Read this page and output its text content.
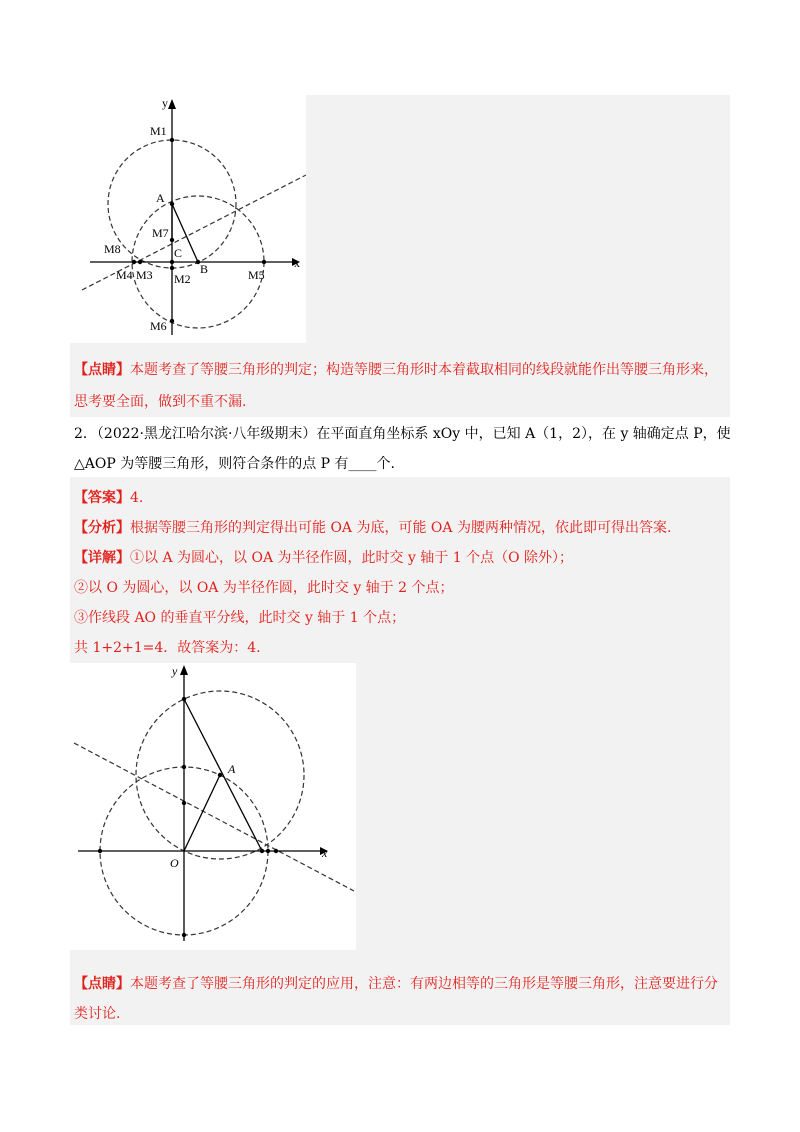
y
x
M1
A
M7
C
B
M8
M4 M3 M2	M5
M6
【点睛】本题考查了等腰三角形的判定；构造等腰三角形时本着截取相同的线段就能作出等腰三角形来，
思考要全面，做到不重不漏.
2．（2022·黑龙江哈尔滨·八年级期末）在平面直角坐标系 xOy 中，已知 A（1，2），在 y 轴确定点 P，使
△AOP 为等腰三角形，则符合条件的点 P 有____个.
【答案】4.
【分析】根据等腰三角形的判定得出可能 OA 为底，可能 OA 为腰两种情况，依此即可得出答案.
【详解】①以 A 为圆心，以 OA 为半径作圆，此时交 y 轴于 1 个点（O 除外）；
②以 O 为圆心，以 OA 为半径作圆，此时交 y 轴于 2 个点；
③作线段 AO 的垂直平分线，此时交 y 轴于 1 个点；
共 1+2+1=4．故答案为：4.
y
x
A
O
【点睛】本题考查了等腰三角形的判定的应用，注意：有两边相等的三角形是等腰三角形，注意要进行分
类讨论.
